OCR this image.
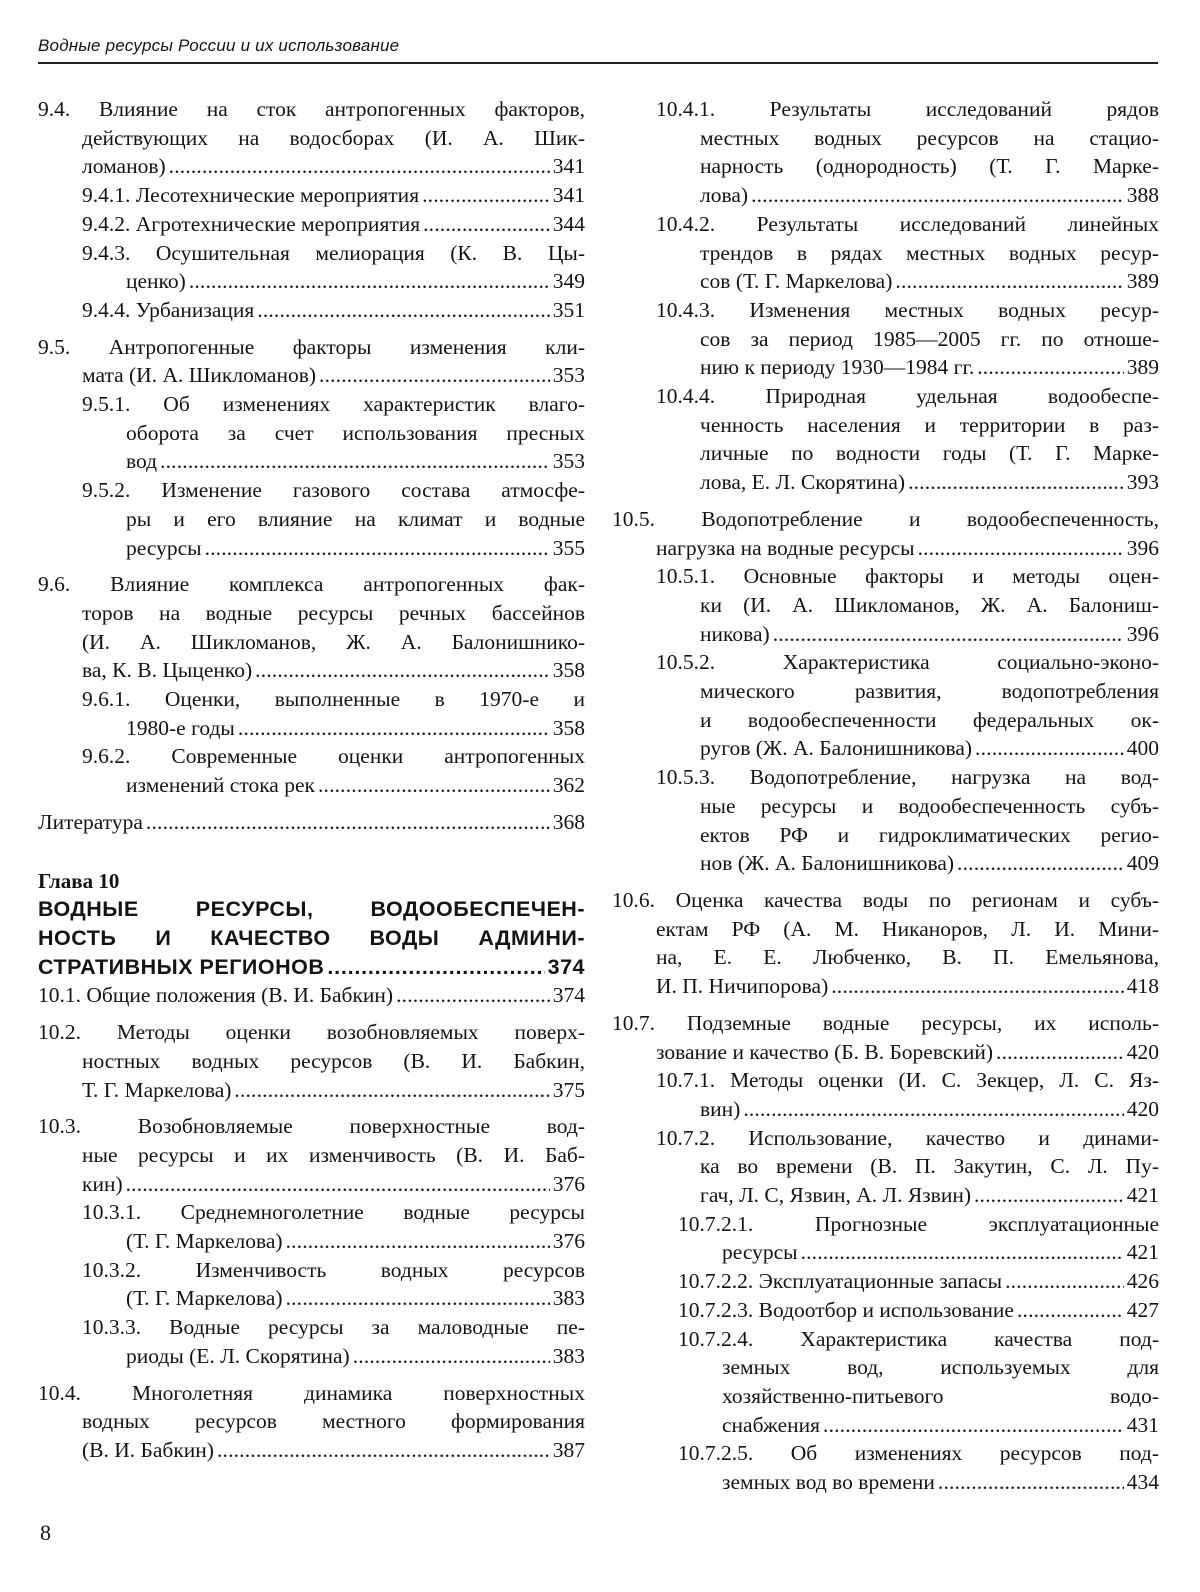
Водные ресурсы России и их использование
9.4. Влияние на сток антропогенных факторов,
действующих на водосборах (И. А. Шик-
ломанов)
. . .	341
9.4.1. Лесотехнические мероприятия
. . .	341
9.4.2. Агротехнические мероприятия
. . .	344
9.4.3. Осушительная мелиорация (К. В. Цы-
ценко)
. . .	349
9.4.4. Урбанизация
. . .	351
9.5. Антропогенные факторы изменения кли-
мата (И. А. Шикломанов)
. . .	353
9.5.1. Об изменениях характеристик влаго-
оборота за счет использования пресных
вод
. . .	353
9.5.2. Изменение газового состава атмосфе-
ры и его влияние на климат и водные
ресурсы
. . .	355
9.6. Влияние комплекса антропогенных фак-
торов на водные ресурсы речных бассейнов
(И. А. Шикломанов, Ж. А. Балонишнико-
ва, К. В. Цыценко)
. . .	358
9.6.1. Оценки, выполненные в 1970-е и
1980-е годы
. . .	358
9.6.2. Современные оценки антропогенных
изменений стока рек
. . .	362
Литература
. . .	368
Глава 10
ВОДНЫЕ РЕСУРСЫ, ВОДООБЕСПЕЧЕН-
НОСТЬ И КАЧЕСТВО ВОДЫ АДМИНИ-
СТРАТИВНЫХ РЕГИОНОВ
. . .	374
10.1. Общие положения (В. И. Бабкин)
. . .	374
10.2. Методы оценки возобновляемых поверх-
ностных водных ресурсов (В. И. Бабкин,
Т. Г. Маркелова)
. . .	375
10.3. Возобновляемые поверхностные вод-
ные ресурсы и их изменчивость (В. И. Баб-
кин)
. . .	376
10.3.1. Среднемноголетние водные ресурсы
(Т. Г. Маркелова)
. . .	376
10.3.2. Изменчивость водных ресурсов
(Т. Г. Маркелова)
. . .	383
10.3.3. Водные ресурсы за маловодные пе-
риоды (Е. Л. Скорятина)
. . .	383
10.4. Многолетняя динамика поверхностных
водных ресурсов местного формирования
(В. И. Бабкин)
. . .	387
10.4.1. Результаты исследований рядов
местных водных ресурсов на стацио-
нарность (однородность) (Т. Г. Марке-
лова)
. . .	388
10.4.2. Результаты исследований линейных
трендов в рядах местных водных ресур-
сов (Т. Г. Маркелова)
. . .	389
10.4.3. Изменения местных водных ресур-
сов за период 1985—2005 гг. по отноше-
нию к периоду 1930—1984 гг.
. . .	389
10.4.4. Природная удельная водообеспе-
ченность населения и территории в раз-
личные по водности годы (Т. Г. Марке-
лова, Е. Л. Скорятина)
. . .	393
10.5. Водопотребление и водообеспеченность,
нагрузка на водные ресурсы
. . .	396
10.5.1. Основные факторы и методы оцен-
ки (И. А. Шикломанов, Ж. А. Балониш-
никова)
. . .	396
10.5.2. Характеристика социально-эконо-
мического развития, водопотребления
и водообеспеченности федеральных ок-
ругов (Ж. А. Балонишникова)
. . .	400
10.5.3. Водопотребление, нагрузка на вод-
ные ресурсы и водообеспеченность субъ-
ектов РФ и гидроклиматических регио-
нов (Ж. А. Балонишникова)
. . .	409
10.6. Оценка качества воды по регионам и субъ-
ектам РФ (А. М. Никаноров, Л. И. Мини-
на, Е. Е. Любченко, В. П. Емельянова,
И. П. Ничипорова)
. . .	418
10.7. Подземные водные ресурсы, их исполь-
зование и качество (Б. В. Боревский)
. . .	420
10.7.1. Методы оценки (И. С. Зекцер, Л. С. Яз-
вин)
. . .	420
10.7.2. Использование, качество и динами-
ка во времени (В. П. Закутин, С. Л. Пу-
гач, Л. С, Язвин, А. Л. Язвин)
. . .	421
10.7.2.1. Прогнозные эксплуатационные
ресурсы
. . .	421
10.7.2.2. Эксплуатационные запасы
. . .	426
10.7.2.3. Водоотбор и использование
. . .	427
10.7.2.4. Характеристика качества под-
земных вод, используемых для
хозяйственно-питьевого водо-
снабжения
. . .	431
10.7.2.5. Об изменениях ресурсов под-
земных вод во времени
. . .	434
8
